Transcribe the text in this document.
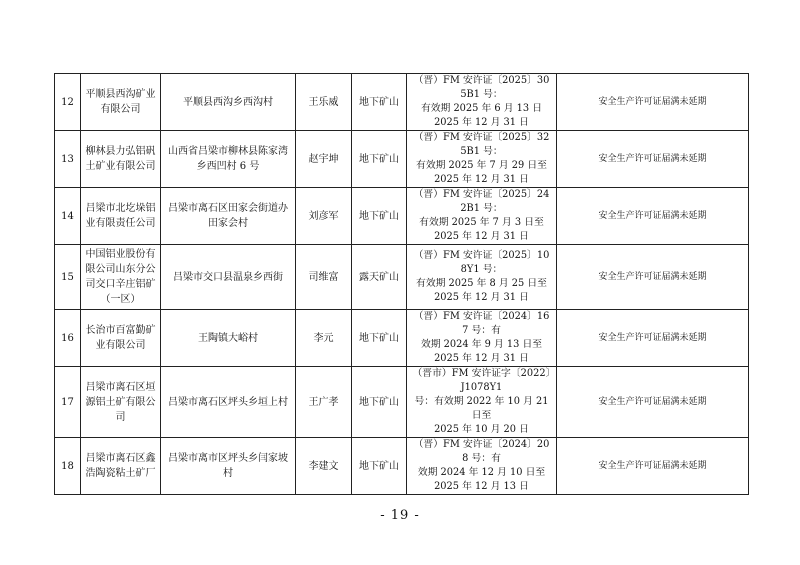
12	平顺县西沟矿业有限公司	平顺县西沟乡西沟村	王乐威	地下矿山	（晋）FM 安许证〔2025〕305B1 号：
有效期 2025 年 6 月 13 日
2025 年 12 月 31 日	安全生产许可证届满未延期
13	柳林县力弘铝矾土矿业有限公司	山西省吕梁市柳林县陈家湾乡西凹村 6 号	赵宇坤	地下矿山	（晋）FM 安许证〔2025〕325B1 号：
有效期 2025 年 7 月 29 日至
2025 年 12 月 31 日	安全生产许可证届满未延期
14	吕梁市北圪垛铝业有限责任公司	吕梁市离石区田家会街道办田家会村	刘彦军	地下矿山	（晋）FM 安许证〔2025〕242B1 号：
有效期 2025 年 7 月 3 日至
2025 年 12 月 31 日	安全生产许可证届满未延期
15	中国铝业股份有限公司山东分公司交口辛庄铝矿（一区）	吕梁市交口县温泉乡西街	司维富	露天矿山	（晋）FM 安许证〔2025〕108Y1 号：
有效期 2025 年 8 月 25 日至
2025 年 12 月 31 日	安全生产许可证届满未延期
16	长治市百富勤矿业有限公司	王陶镇大峪村	李元	地下矿山	（晋）FM 安许证〔2024〕167 号：有
效期 2024 年 9 月 13 日至
2025 年 12 月 31 日	安全生产许可证届满未延期
17	吕梁市离石区垣源铝土矿有限公司	吕梁市离石区坪头乡垣上村	王广孝	地下矿山	（晋市）FM 安许证字〔2022〕J1078Y1
号：有效期 2022 年 10 月 21 日至
2025 年 10 月 20 日	安全生产许可证届满未延期
18	吕梁市离石区鑫浩陶瓷粘土矿厂	吕梁市离市区坪头乡闫家坡村	李建文	地下矿山	（晋）FM 安许证〔2024〕208 号：有
效期 2024 年 12 月 10 日至
2025 年 12 月 13 日	安全生产许可证届满未延期
- 19 -
